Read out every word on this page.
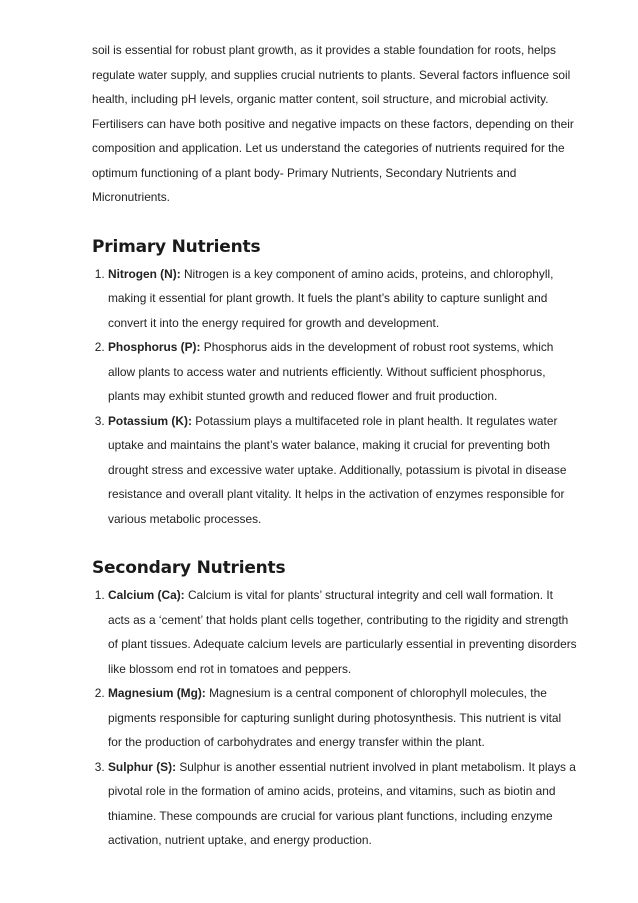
soil is essential for robust plant growth, as it provides a stable foundation for roots, helps regulate water supply, and supplies crucial nutrients to plants. Several factors influence soil health, including pH levels, organic matter content, soil structure, and microbial activity. Fertilisers can have both positive and negative impacts on these factors, depending on their composition and application. Let us understand the categories of nutrients required for the optimum functioning of a plant body- Primary Nutrients, Secondary Nutrients and Micronutrients.

Primary Nutrients
1. Nitrogen (N): Nitrogen is a key component of amino acids, proteins, and chlorophyll, making it essential for plant growth. It fuels the plant’s ability to capture sunlight and convert it into the energy required for growth and development.
2. Phosphorus (P): Phosphorus aids in the development of robust root systems, which allow plants to access water and nutrients efficiently. Without sufficient phosphorus, plants may exhibit stunted growth and reduced flower and fruit production.
3. Potassium (K): Potassium plays a multifaceted role in plant health. It regulates water uptake and maintains the plant’s water balance, making it crucial for preventing both drought stress and excessive water uptake. Additionally, potassium is pivotal in disease resistance and overall plant vitality. It helps in the activation of enzymes responsible for various metabolic processes.
Secondary Nutrients
1. Calcium (Ca): Calcium is vital for plants’ structural integrity and cell wall formation. It acts as a ‘cement’ that holds plant cells together, contributing to the rigidity and strength of plant tissues. Adequate calcium levels are particularly essential in preventing disorders like blossom end rot in tomatoes and peppers.
2. Magnesium (Mg): Magnesium is a central component of chlorophyll molecules, the pigments responsible for capturing sunlight during photosynthesis. This nutrient is vital for the production of carbohydrates and energy transfer within the plant.
3. Sulphur (S): Sulphur is another essential nutrient involved in plant metabolism. It plays a pivotal role in the formation of amino acids, proteins, and vitamins, such as biotin and thiamine. These compounds are crucial for various plant functions, including enzyme activation, nutrient uptake, and energy production.
